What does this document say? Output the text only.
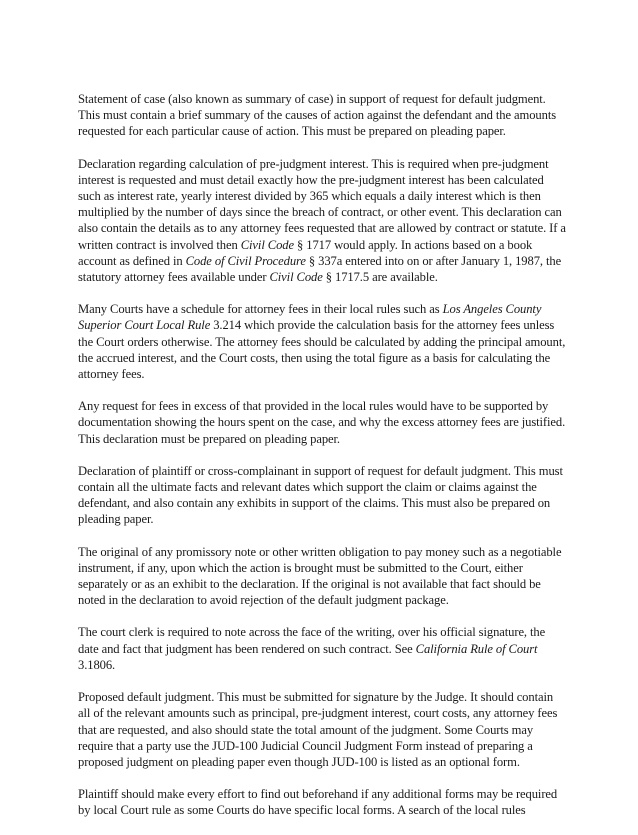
Statement of case (also known as summary of case) in support of request for default judgment. This must contain a brief summary of the causes of action against the defendant and the amounts requested for each particular cause of action. This must be prepared on pleading paper.

Declaration regarding calculation of pre-judgment interest. This is required when pre-judgment interest is requested and must detail exactly how the pre-judgment interest has been calculated such as interest rate, yearly interest divided by 365 which equals a daily interest which is then multiplied by the number of days since the breach of contract, or other event. This declaration can also contain the details as to any attorney fees requested that are allowed by contract or statute. If a written contract is involved then Civil Code § 1717 would apply. In actions based on a book account as defined in Code of Civil Procedure § 337a entered into on or after January 1, 1987, the statutory attorney fees available under Civil Code § 1717.5 are available.

Many Courts have a schedule for attorney fees in their local rules such as Los Angeles County Superior Court Local Rule 3.214 which provide the calculation basis for the attorney fees unless the Court orders otherwise. The attorney fees should be calculated by adding the principal amount, the accrued interest, and the Court costs, then using the total figure as a basis for calculating the attorney fees.

Any request for fees in excess of that provided in the local rules would have to be supported by documentation showing the hours spent on the case, and why the excess attorney fees are justified. This declaration must be prepared on pleading paper.

Declaration of plaintiff or cross-complainant in support of request for default judgment. This must contain all the ultimate facts and relevant dates which support the claim or claims against the defendant, and also contain any exhibits in support of the claims. This must also be prepared on pleading paper.

The original of any promissory note or other written obligation to pay money such as a negotiable instrument, if any, upon which the action is brought must be submitted to the Court, either separately or as an exhibit to the declaration. If the original is not available that fact should be noted in the declaration to avoid rejection of the default judgment package.

The court clerk is required to note across the face of the writing, over his official signature, the date and fact that judgment has been rendered on such contract. See California Rule of Court 3.1806.

Proposed default judgment. This must be submitted for signature by the Judge. It should contain all of the relevant amounts such as principal, pre-judgment interest, court costs, any attorney fees that are requested, and also should state the total amount of the judgment. Some Courts may require that a party use the JUD-100 Judicial Council Judgment Form instead of preparing a proposed judgment on pleading paper even though JUD-100 is listed as an optional form.

Plaintiff should make every effort to find out beforehand if any additional forms may be required by local Court rule as some Courts do have specific local forms. A search of the local rules
